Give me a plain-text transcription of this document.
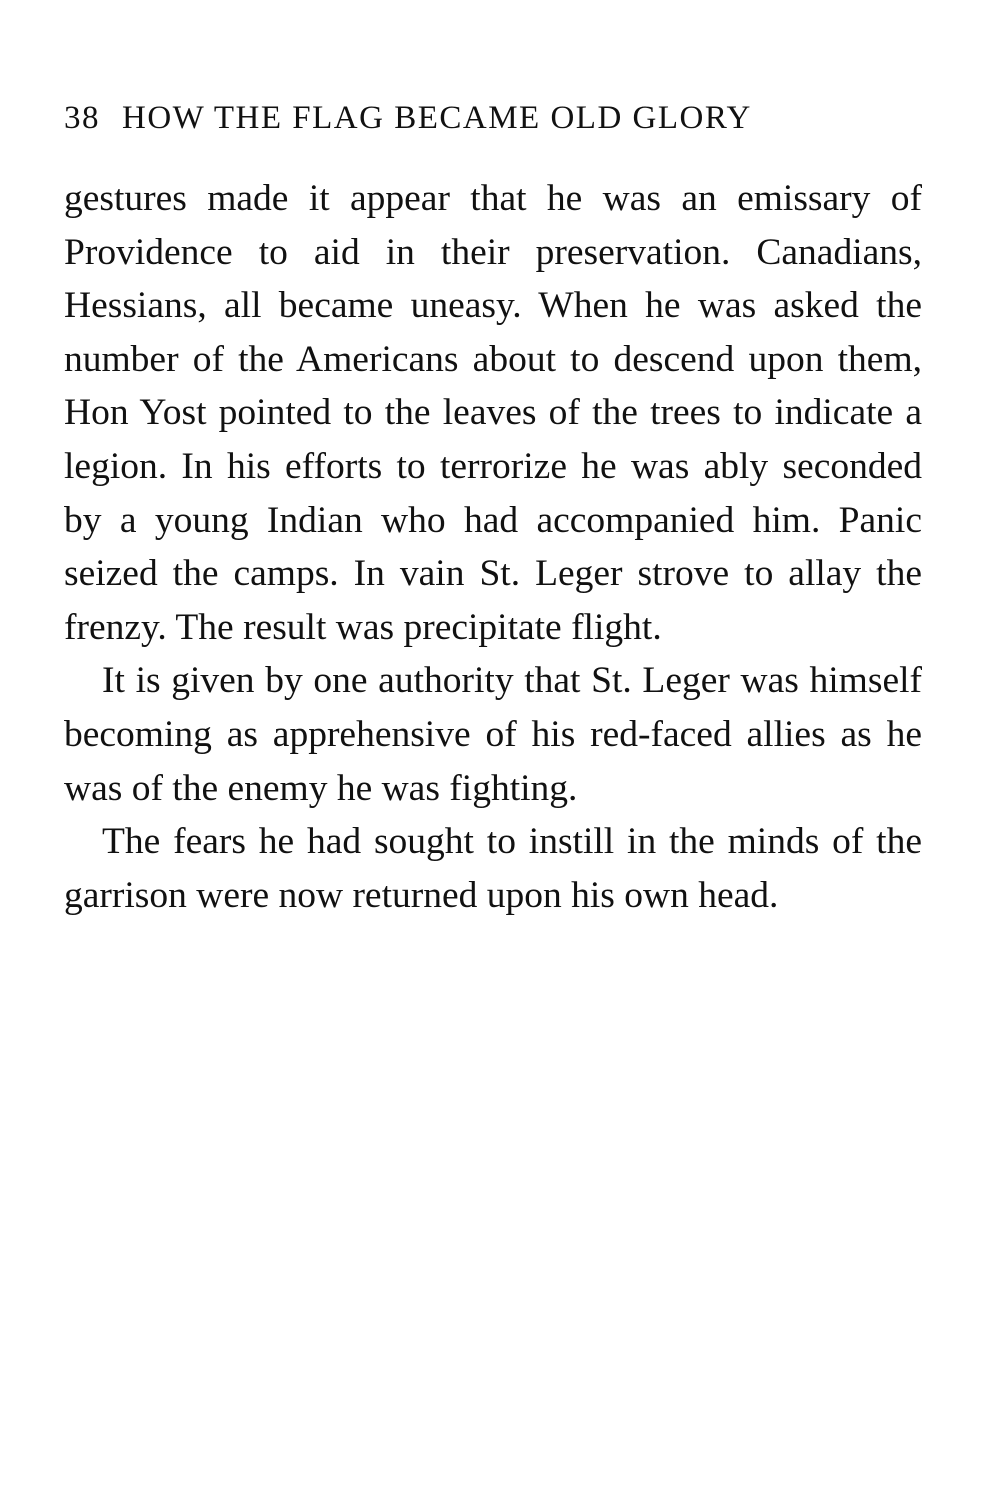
38 HOW THE FLAG BECAME OLD GLORY

gestures made it appear that he was an emissary of Providence to aid in their preservation. Canadians, Hessians, all became uneasy. When he was asked the number of the Americans about to descend upon them, Hon Yost pointed to the leaves of the trees to indicate a legion. In his efforts to terrorize he was ably seconded by a young Indian who had accompanied him. Panic seized the camps. In vain St. Leger strove to allay the frenzy. The result was precipitate flight.

It is given by one authority that St. Leger was himself becoming as apprehensive of his red-faced allies as he was of the enemy he was fighting.

The fears he had sought to instill in the minds of the garrison were now returned upon his own head.
